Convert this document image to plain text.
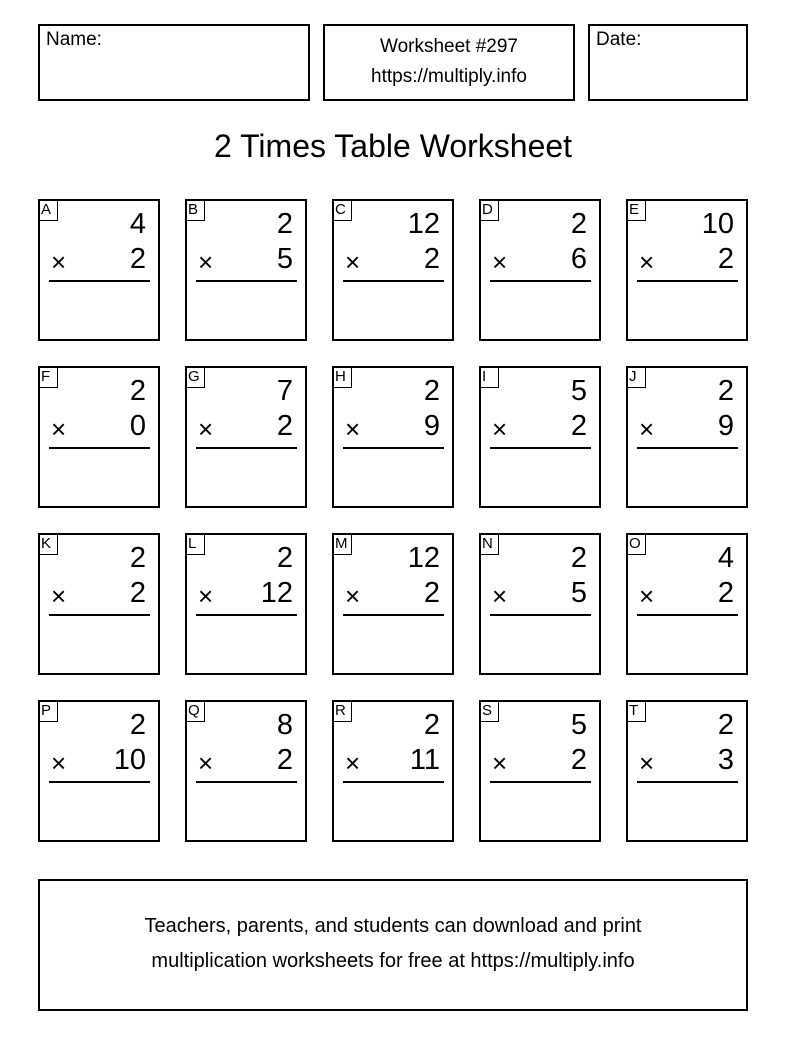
Name:	Worksheet #297
https://multiply.info
Date:
2 Times Table Worksheet
A	4
× 2
B	2
× 5
C 12
× 2
D	2
× 6
E 10
× 2
F	2
× 0
G	7
× 2
H	2
× 9
I	5
× 2
J	2
× 9
K	2
× 2
L	2
× 12
M 12
× 2
N	2
× 5
O	4
× 2
P	2
× 10
Q	8
× 2
R	2
× 11
S	5
× 2
T	2
× 3
Teachers, parents, and students can download and print
multiplication worksheets for free at https://multiply.info
